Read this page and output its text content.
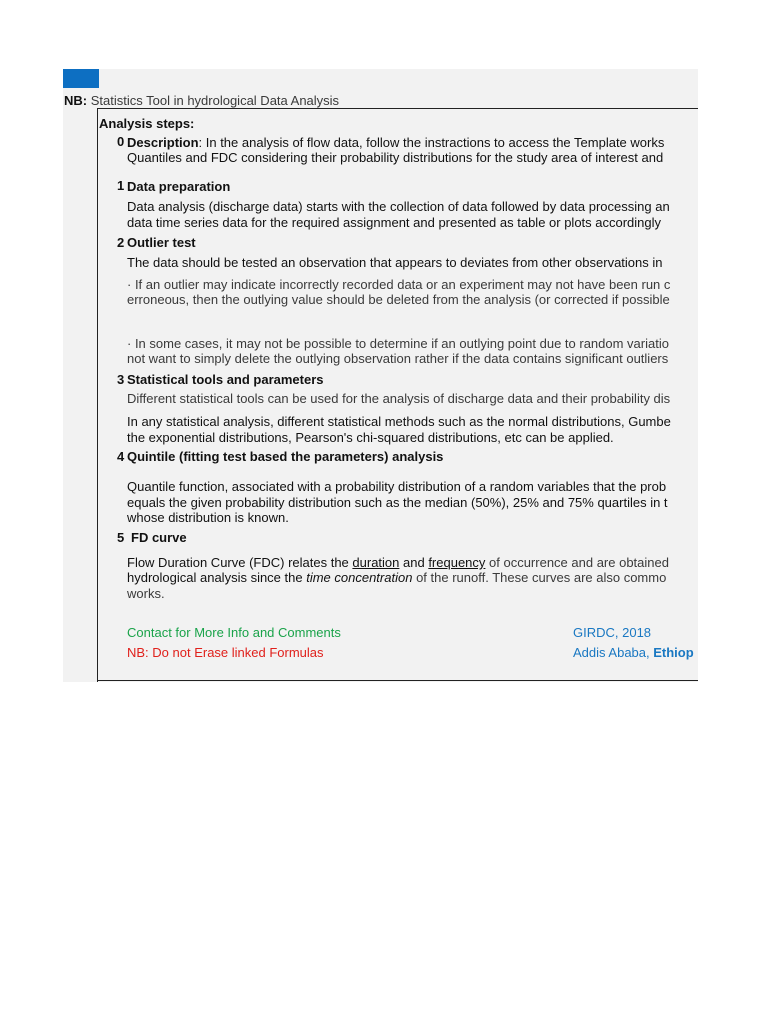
NB: Statistics Tool in hydrological Data Analysis
Analysis steps:
0 Description: In the analysis of flow data, follow the instractions to access the Template works
Quantiles and FDC considering their probability distributions for the study area of interest and
1 Data preparation
Data analysis (discharge data) starts with the collection of data followed by data processing an
data time series data for the required assignment and presented as table or plots accordingly
2 Outlier test
The data should be tested an observation that appears to deviates from other observations in
· If an outlier may indicate incorrectly recorded data or an experiment may not have been run c
erroneous, then the outlying value should be deleted from the analysis (or corrected if possible
· In some cases, it may not be possible to determine if an outlying point due to random variatio
not want to simply delete the outlying observation rather if the data contains significant outliers
3 Statistical tools and parameters
Different statistical tools can be used for the analysis of discharge data and their probability dis
In any statistical analysis, different statistical methods such as the normal distributions, Gumbe
the exponential distributions, Pearson's chi-squared distributions, etc can be applied.
4 Quintile (fitting test based the parameters) analysis
Quantile function, associated with a probability distribution of a random variables that the prob
equals the given probability distribution such as the median (50%), 25% and 75% quartiles in t
whose distribution is known.
5 FD curve
Flow Duration Curve (FDC) relates the duration and frequency of occurrence and are obtained
hydrological analysis since the time concentration of the runoff. These curves are also commo
works.
Contact for More Info and Comments
NB: Do not Erase linked Formulas
GIRDC, 2018
Addis Ababa, Ethiop
